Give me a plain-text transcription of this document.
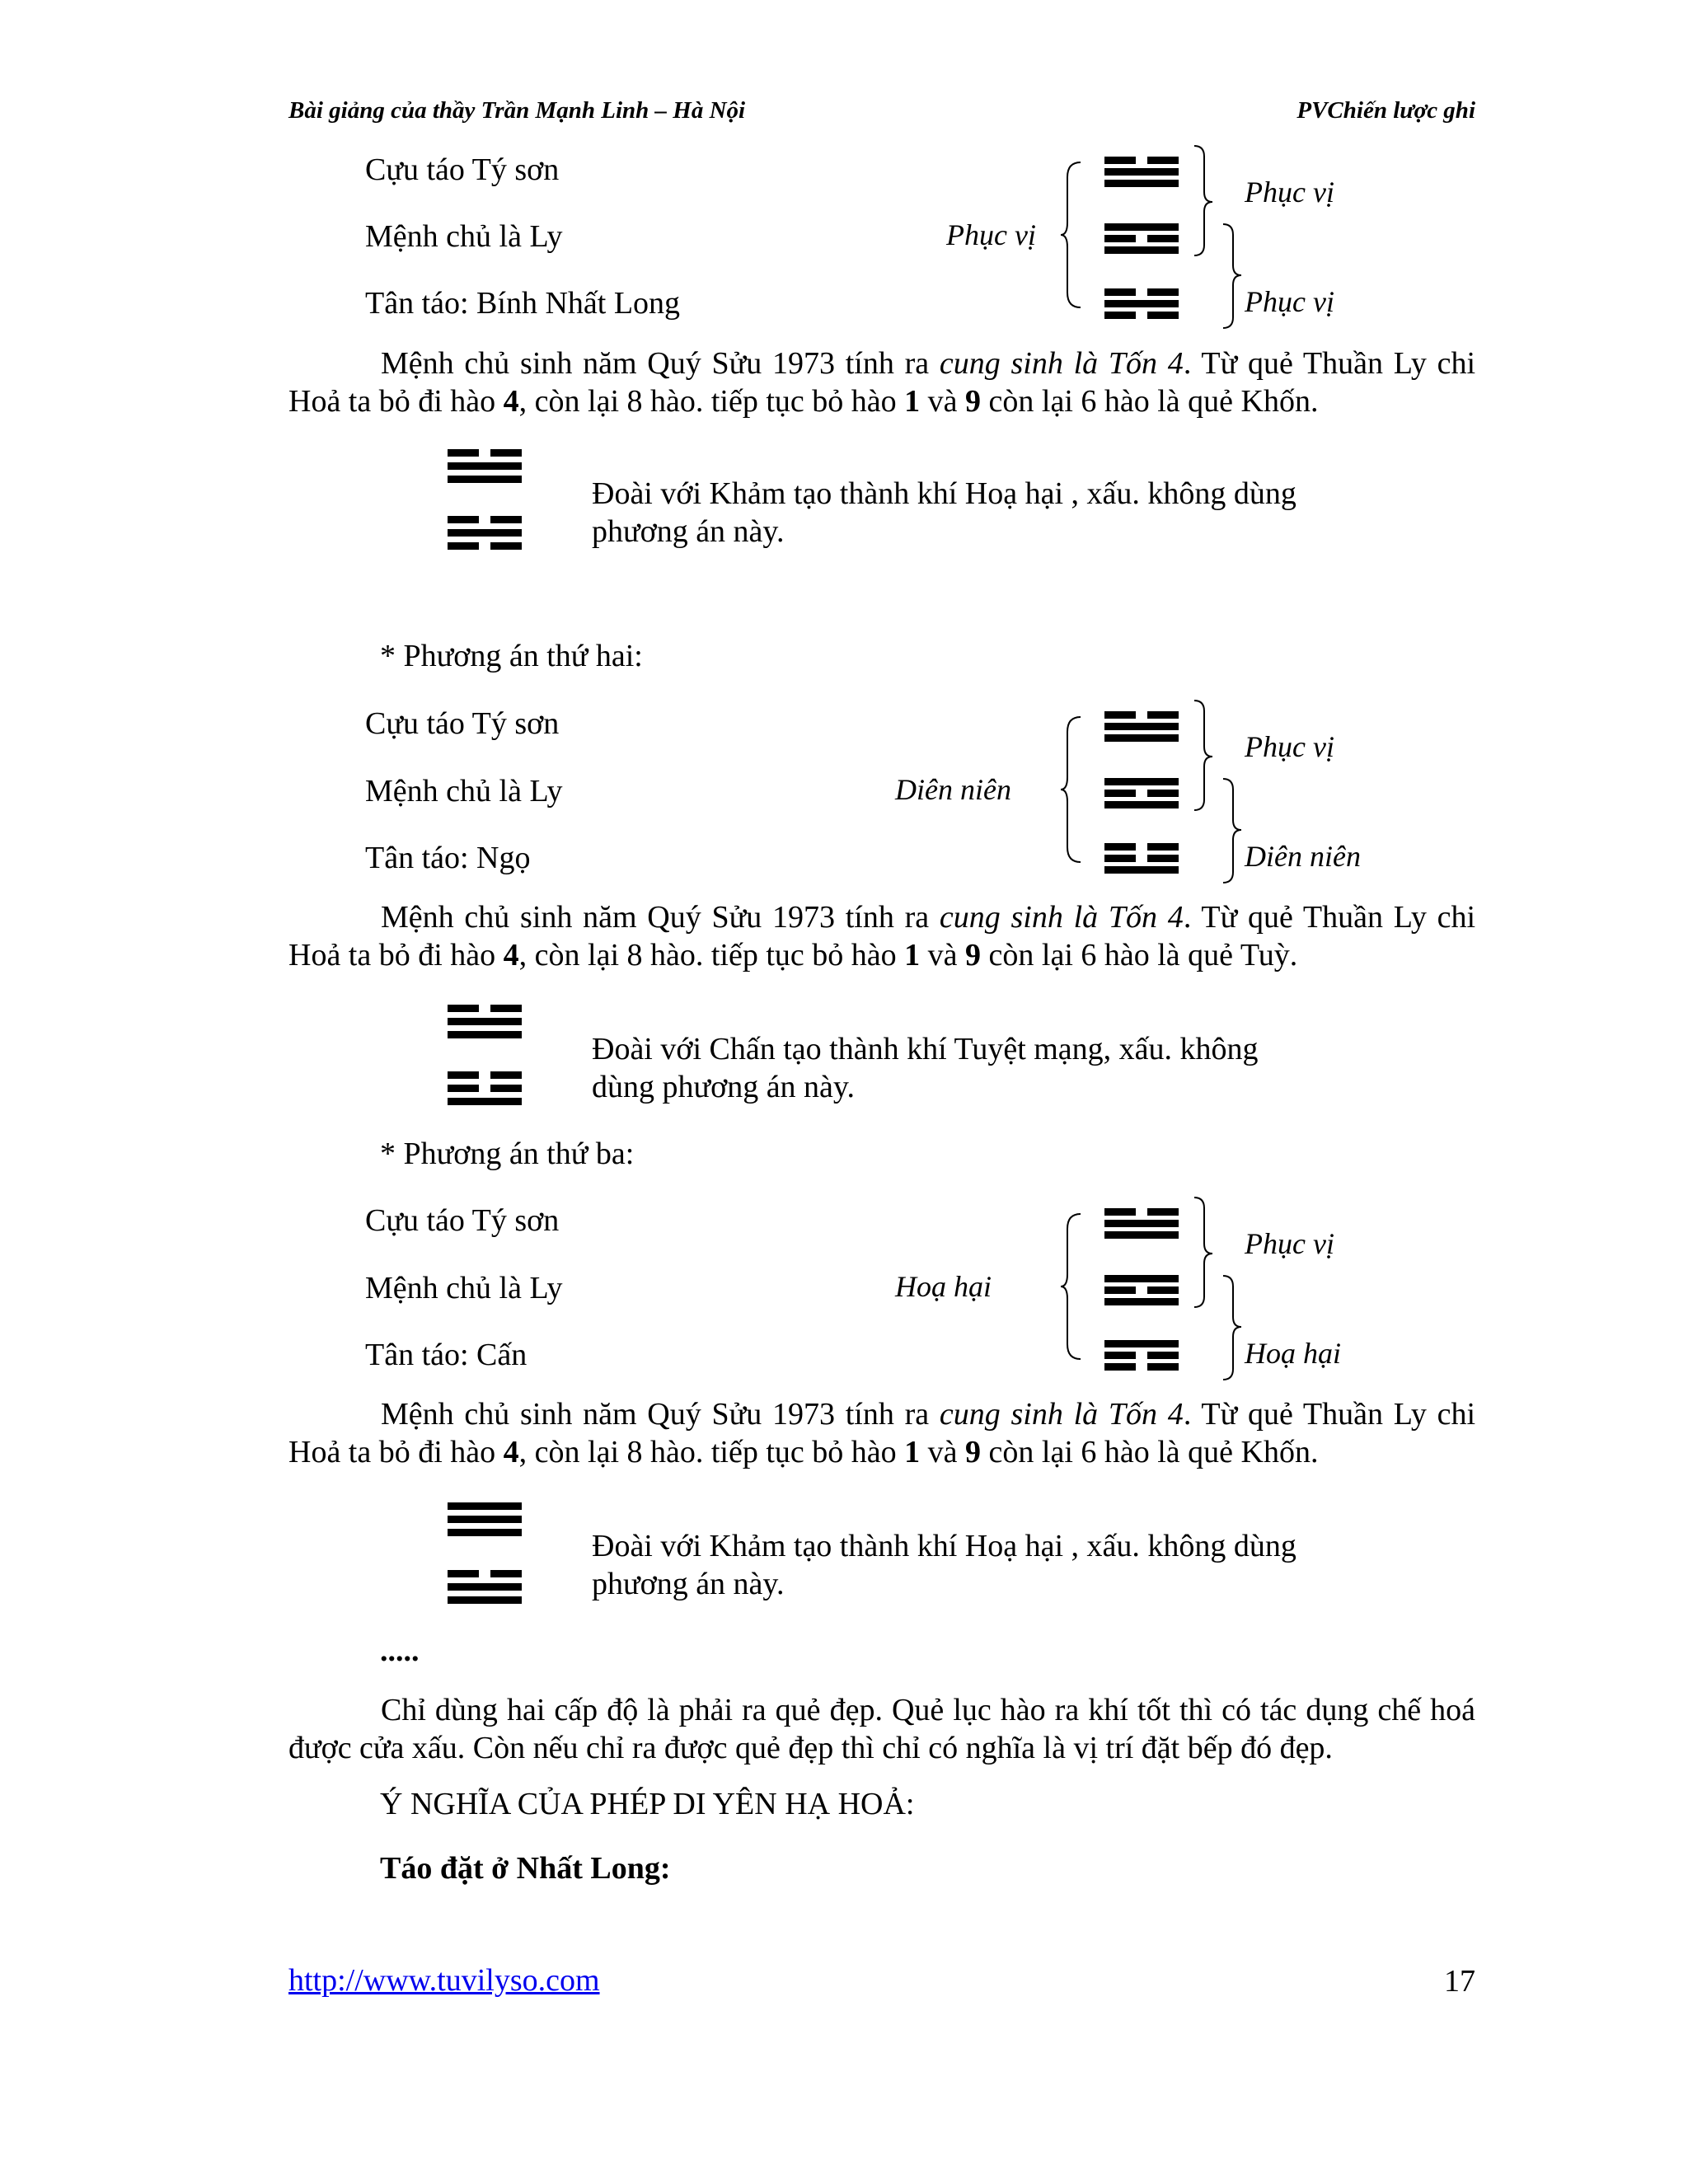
Bài giảng của thầy Trần Mạnh Linh – Hà Nội	PVChiến lược ghi
Cựu táo Tý sơn
Mệnh chủ là Ly
Tân táo: Bính Nhất Long
Phục vị
Phục vị
Phục vị
Mệnh chủ sinh năm Quý Sửu 1973 tính ra cung sinh là Tốn 4. Từ quẻ Thuần Ly chi Hoả ta bỏ đi hào 4, còn lại 8 hào. tiếp tục bỏ hào 1 và 9 còn lại 6 hào là quẻ Khốn.
Đoài với Khảm tạo thành khí Hoạ hại , xấu. không dùng
phương án này.
* Phương án thứ hai:
Cựu táo Tý sơn
Mệnh chủ là Ly
Tân táo: Ngọ
Diên niên
Phục vị
Diên niên
Mệnh chủ sinh năm Quý Sửu 1973 tính ra cung sinh là Tốn 4. Từ quẻ Thuần Ly chi Hoả ta bỏ đi hào 4, còn lại 8 hào. tiếp tục bỏ hào 1 và 9 còn lại 6 hào là quẻ Tuỳ.
Đoài với Chấn tạo thành khí Tuyệt mạng, xấu. không
dùng phương án này.
* Phương án thứ ba:
Cựu táo Tý sơn
Mệnh chủ là Ly
Tân táo: Cấn
Hoạ hại
Phục vị
Hoạ hại
Mệnh chủ sinh năm Quý Sửu 1973 tính ra cung sinh là Tốn 4. Từ quẻ Thuần Ly chi Hoả ta bỏ đi hào 4, còn lại 8 hào. tiếp tục bỏ hào 1 và 9 còn lại 6 hào là quẻ Khốn.
Đoài với Khảm tạo thành khí Hoạ hại , xấu. không dùng
phương án này.
.....
Chỉ dùng hai cấp độ là phải ra quẻ đẹp. Quẻ lục hào ra khí tốt thì có tác dụng chế hoá được cửa xấu. Còn nếu chỉ ra được quẻ đẹp thì chỉ có nghĩa là vị trí đặt bếp đó đẹp.
Ý NGHĨA CỦA PHÉP DI YÊN HẠ HOẢ:
Táo đặt ở Nhất Long:
http://www.tuvilyso.com	17
